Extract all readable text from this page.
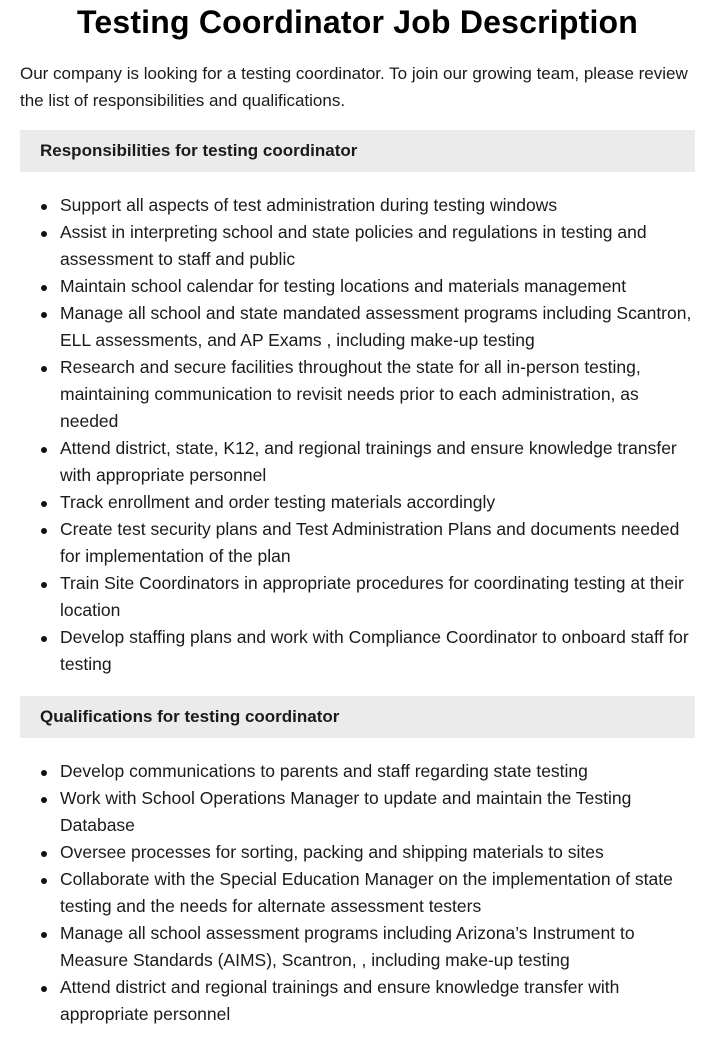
Testing Coordinator Job Description

Our company is looking for a testing coordinator. To join our growing team, please review the list of responsibilities and qualifications.

Responsibilities for testing coordinator
Support all aspects of test administration during testing windows
Assist in interpreting school and state policies and regulations in testing and assessment to staff and public
Maintain school calendar for testing locations and materials management
Manage all school and state mandated assessment programs including Scantron, ELL assessments, and AP Exams , including make-up testing
Research and secure facilities throughout the state for all in-person testing, maintaining communication to revisit needs prior to each administration, as needed
Attend district, state, K12, and regional trainings and ensure knowledge transfer with appropriate personnel
Track enrollment and order testing materials accordingly
Create test security plans and Test Administration Plans and documents needed for implementation of the plan
Train Site Coordinators in appropriate procedures for coordinating testing at their location
Develop staffing plans and work with Compliance Coordinator to onboard staff for testing
Qualifications for testing coordinator
Develop communications to parents and staff regarding state testing
Work with School Operations Manager to update and maintain the Testing Database
Oversee processes for sorting, packing and shipping materials to sites
Collaborate with the Special Education Manager on the implementation of state testing and the needs for alternate assessment testers
Manage all school assessment programs including Arizona’s Instrument to Measure Standards (AIMS), Scantron, , including make-up testing
Attend district and regional trainings and ensure knowledge transfer with appropriate personnel
